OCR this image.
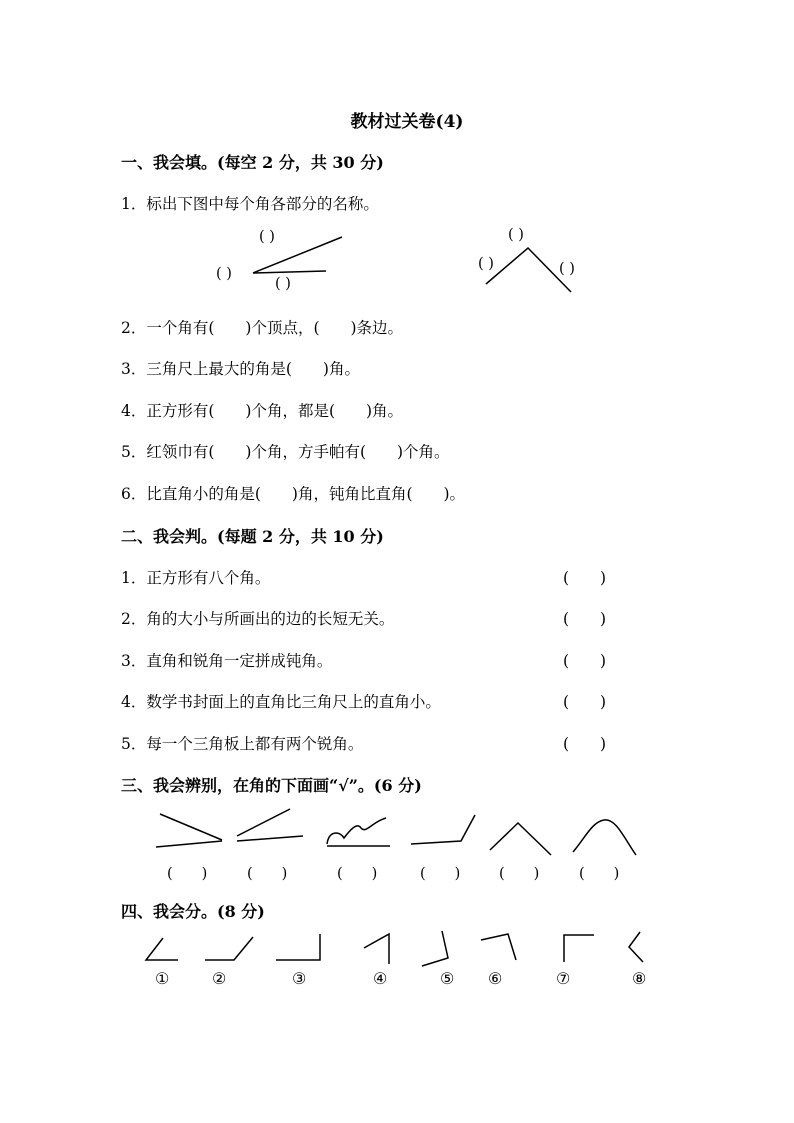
教材过关卷(4)
一、我会填。(每空 2 分，共 30 分)
1．标出下图中每个角各部分的名称。
( )
( )
( )
( )
( )	( )
2．一个角有(　　)个顶点，(　　)条边。
3．三角尺上最大的角是(　　)角。
4．正方形有(　　)个角，都是(　　)角。
5．红领巾有(　　)个角，方手帕有(　　)个角。
6．比直角小的角是(　　)角，钝角比直角(　　)。
二、我会判。(每题 2 分，共 10 分)
1．正方形有八个角。	(　　)
2．角的大小与所画出的边的长短无关。	(　　)
3．直角和锐角一定拼成钝角。	(　　)
4．数学书封面上的直角比三角尺上的直角小。	(　　)
5．每一个三角板上都有两个锐角。	(　　)
三、我会辨别，在角的下面画“√”。(6 分)
(　　)	(　　)	(　　)	(　　)	(　　)	(　　)
四、我会分。(8 分)
①	②	③	④	⑤ ⑥	⑦	⑧
